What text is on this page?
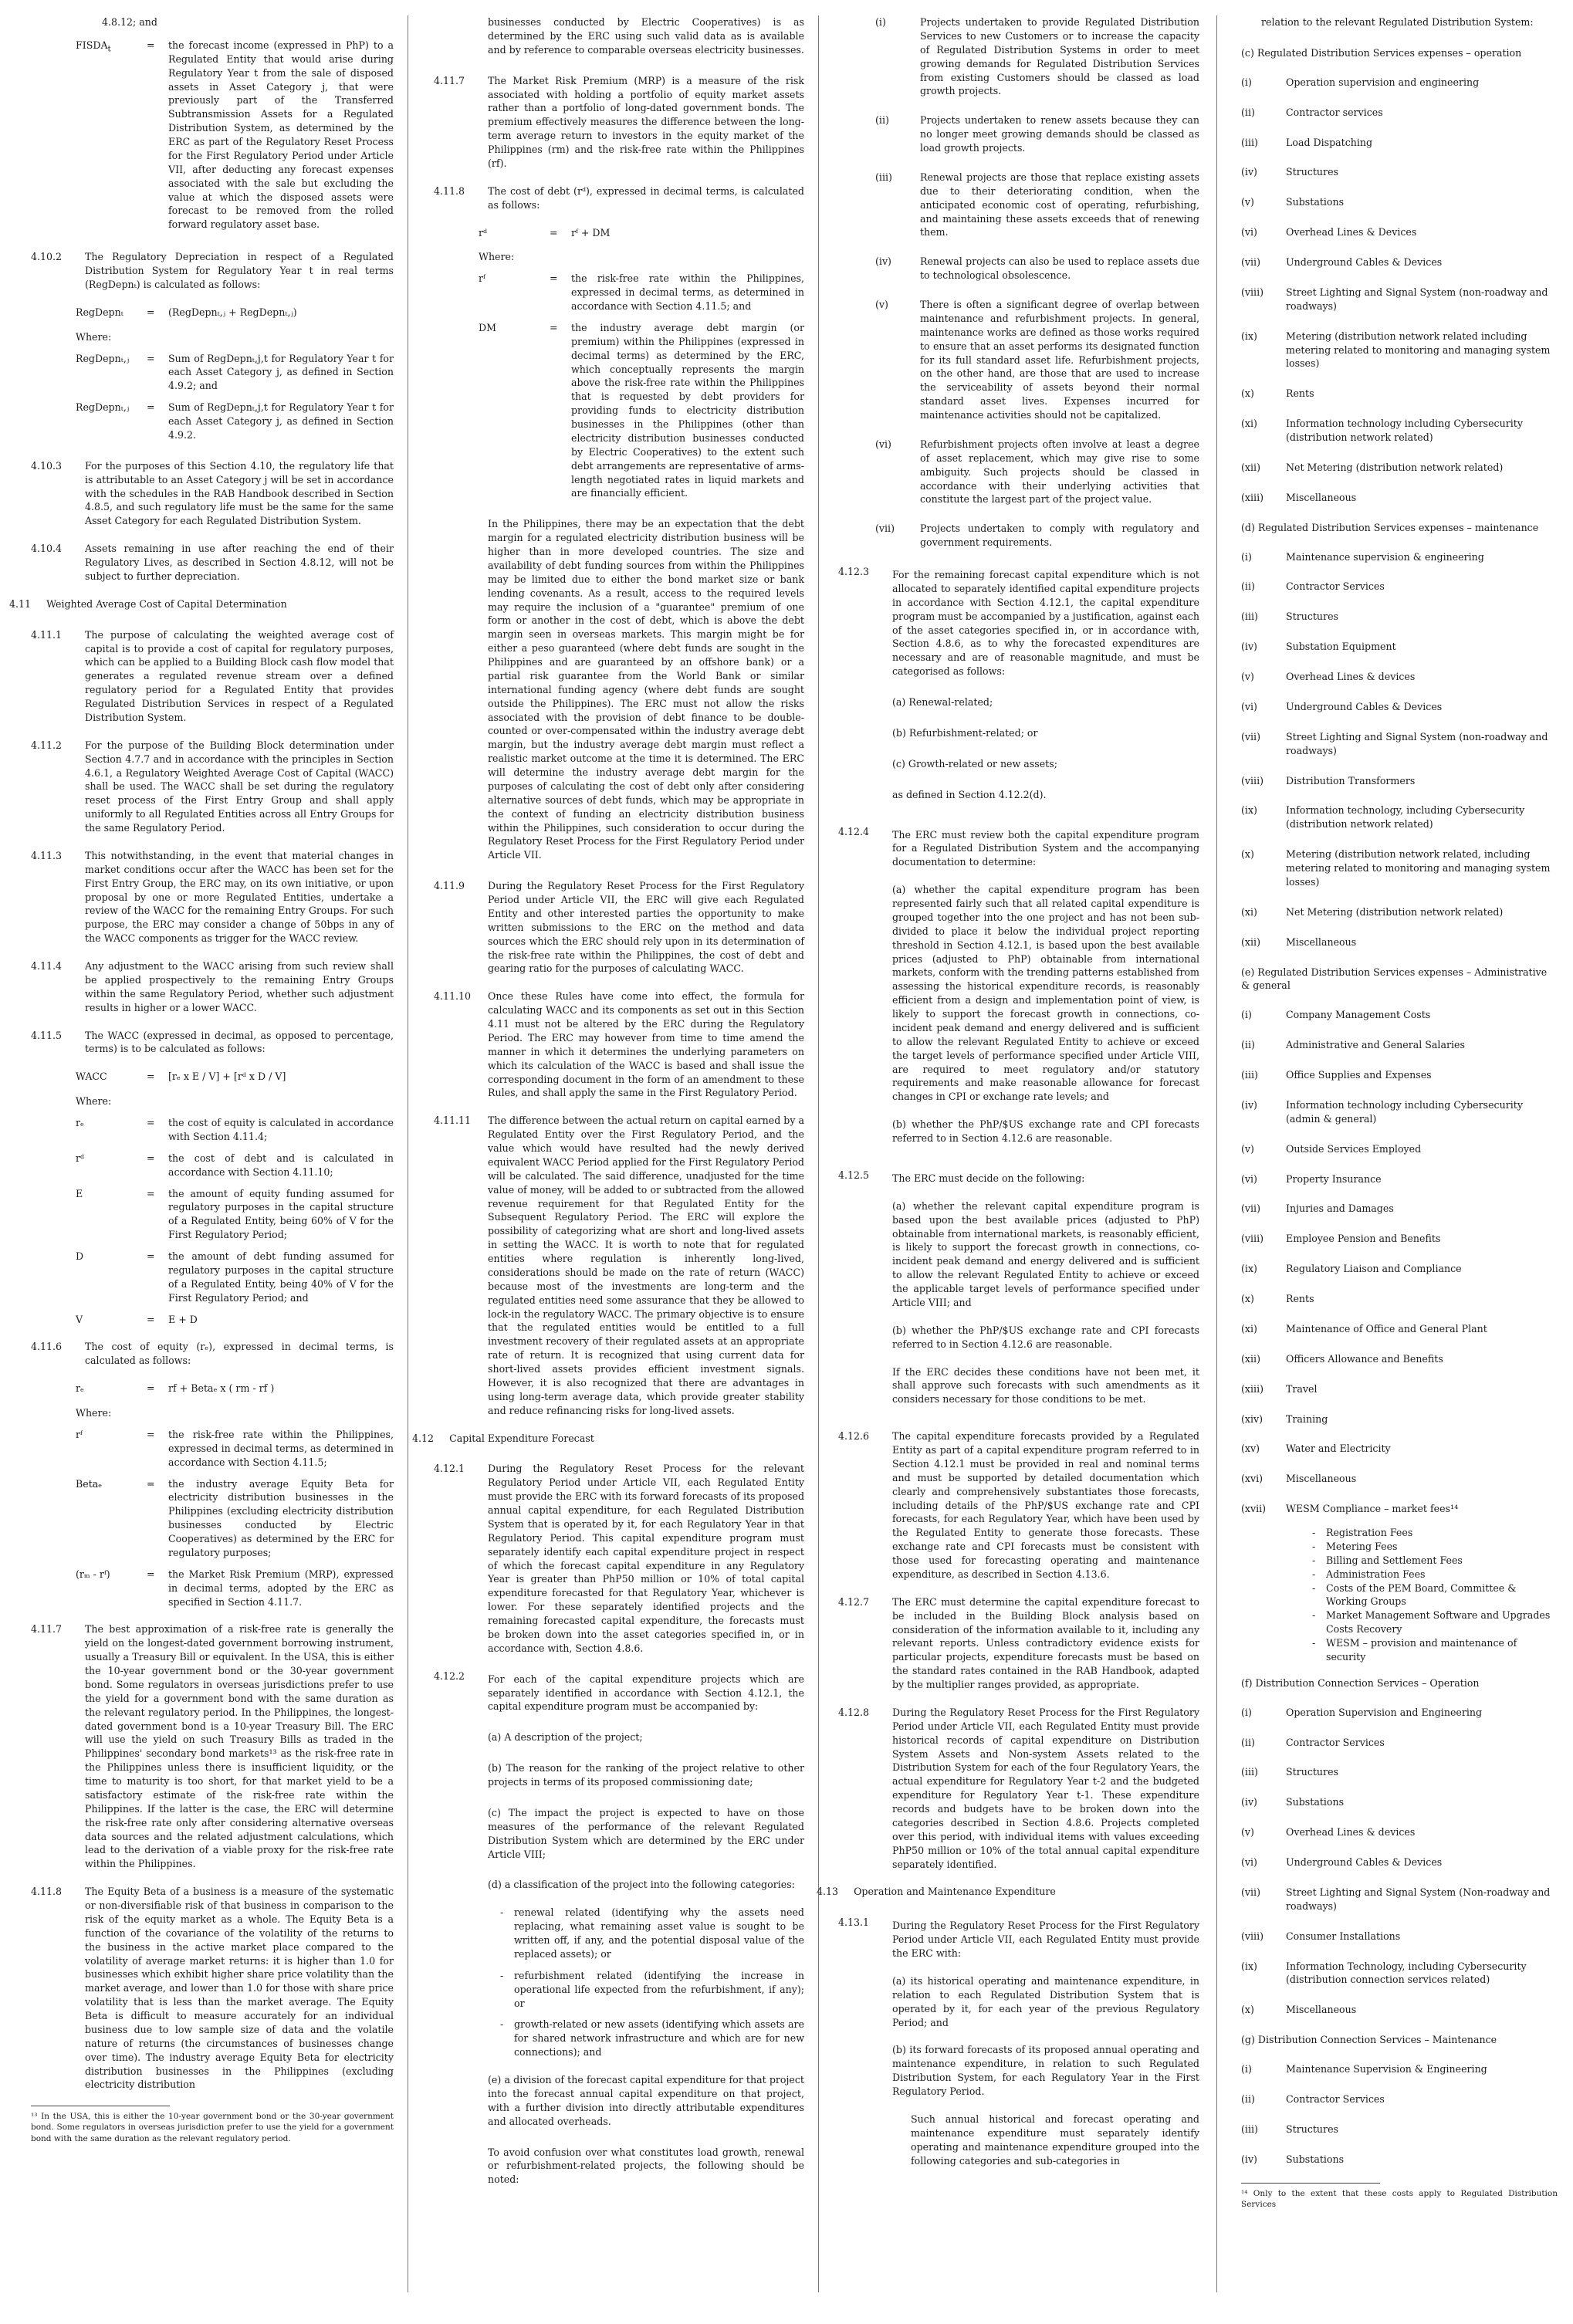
4.8.12; and
$FISDA_t$	=	the forecast income (expressed in PhP) to a Regulated Entity that would arise during Regulatory Year t from the sale of disposed assets in Asset Category j, that were previously part of the Transferred Subtransmission Assets for a Regulated Distribution System, as determined by the ERC as part of the Regulatory Reset Process for the First Regulatory Period under Article VII, after deducting any forecast expenses associated with the sale but excluding the value at which the disposed assets were forecast to be removed from the rolled forward regulatory asset base.
4.10.2	The Regulatory Depreciation in respect of a Regulated Distribution System for Regulatory Year t in real terms (RegDepnₜ) is calculated as follows:
RegDepnₜ	=	(RegDepnₜ,ⱼ + RegDepnₜ,ⱼ)
Where:
RegDepnₜ,ⱼ	=	Sum of RegDepnₜ,j,t for Regulatory Year t for each Asset Category j, as defined in Section 4.9.2; and
RegDepnₜ,ⱼ	=	Sum of RegDepnₜ,j,t for Regulatory Year t for each Asset Category j, as defined in Section 4.9.2.
4.10.3	For the purposes of this Section 4.10, the regulatory life that is attributable to an Asset Category j will be set in accordance with the schedules in the RAB Handbook described in Section 4.8.5, and such regulatory life must be the same for the same Asset Category for each Regulated Distribution System.
4.10.4	Assets remaining in use after reaching the end of their Regulatory Lives, as described in Section 4.8.12, will not be subject to further depreciation.
4.11 Weighted Average Cost of Capital Determination
4.11.1	The purpose of calculating the weighted average cost of capital is to provide a cost of capital for regulatory purposes, which can be applied to a Building Block cash flow model that generates a regulated revenue stream over a defined regulatory period for a Regulated Entity that provides Regulated Distribution Services in respect of a Regulated Distribution System.
4.11.2	For the purpose of the Building Block determination under Section 4.7.7 and in accordance with the principles in Section 4.6.1, a Regulatory Weighted Average Cost of Capital (WACC) shall be used. The WACC shall be set during the regulatory reset process of the First Entry Group and shall apply uniformly to all Regulated Entities across all Entry Groups for the same Regulatory Period.
4.11.3	This notwithstanding, in the event that material changes in market conditions occur after the WACC has been set for the First Entry Group, the ERC may, on its own initiative, or upon proposal by one or more Regulated Entities, undertake a review of the WACC for the remaining Entry Groups. For such purpose, the ERC may consider a change of 50bps in any of the WACC components as trigger for the WACC review.
4.11.4	Any adjustment to the WACC arising from such review shall be applied prospectively to the remaining Entry Groups within the same Regulatory Period, whether such adjustment results in higher or a lower WACC.
4.11.5	The WACC (expressed in decimal, as opposed to percentage, terms) is to be calculated as follows:
WACC	=	[rₑ x E / V] + [rᵈ x D / V]
Where:
rₑ	=	the cost of equity is calculated in accordance with Section 4.11.4;
rᵈ	=	the cost of debt and is calculated in accordance with Section 4.11.10;
E	=	the amount of equity funding assumed for regulatory purposes in the capital structure of a Regulated Entity, being 60% of V for the First Regulatory Period;
D	=	the amount of debt funding assumed for regulatory purposes in the capital structure of a Regulated Entity, being 40% of V for the First Regulatory Period; and
V	=	E + D
4.11.6	The cost of equity (rₑ), expressed in decimal terms, is calculated as follows:
rₑ	=	rf + Betaₑ x ( rm - rf )
Where:
rᶠ	=	the risk-free rate within the Philippines, expressed in decimal terms, as determined in accordance with Section 4.11.5;
Betaₑ	=	the industry average Equity Beta for electricity distribution businesses in the Philippines (excluding electricity distribution businesses conducted by Electric Cooperatives) as determined by the ERC for regulatory purposes;
(rₘ - rᶠ)	=	the Market Risk Premium (MRP), expressed in decimal terms, adopted by the ERC as specified in Section 4.11.7.
4.11.7	The best approximation of a risk-free rate is generally the yield on the longest-dated government borrowing instrument, usually a Treasury Bill or equivalent. In the USA, this is either the 10-year government bond or the 30-year government bond. Some regulators in overseas jurisdictions prefer to use the yield for a government bond with the same duration as the relevant regulatory period. In the Philippines, the longest-dated government bond is a 10-year Treasury Bill. The ERC will use the yield on such Treasury Bills as traded in the Philippines' secondary bond markets¹³ as the risk-free rate in the Philippines unless there is insufficient liquidity, or the time to maturity is too short, for that market yield to be a satisfactory estimate of the risk-free rate within the Philippines. If the latter is the case, the ERC will determine the risk-free rate only after considering alternative overseas data sources and the related adjustment calculations, which lead to the derivation of a viable proxy for the risk-free rate within the Philippines.
4.11.8	The Equity Beta of a business is a measure of the systematic or non-diversifiable risk of that business in comparison to the risk of the equity market as a whole. The Equity Beta is a function of the covariance of the volatility of the returns to the business in the active market place compared to the volatility of average market returns: it is higher than 1.0 for businesses which exhibit higher share price volatility than the market average, and lower than 1.0 for those with share price volatility that is less than the market average. The Equity Beta is difficult to measure accurately for an individual business due to low sample size of data and the volatile nature of returns (the circumstances of businesses change over time). The industry average Equity Beta for electricity distribution businesses in the Philippines (excluding electricity distribution
¹³ In the USA, this is either the 10-year government bond or the 30-year government bond. Some regulators in overseas jurisdiction prefer to use the yield for a government bond with the same duration as the relevant regulatory period.
businesses conducted by Electric Cooperatives) is as determined by the ERC using such valid data as is available and by reference to comparable overseas electricity businesses.
4.11.7	The Market Risk Premium (MRP) is a measure of the risk associated with holding a portfolio of equity market assets rather than a portfolio of long-dated government bonds. The premium effectively measures the difference between the long-term average return to investors in the equity market of the Philippines (rm) and the risk-free rate within the Philippines (rf).
4.11.8	The cost of debt (rᵈ), expressed in decimal terms, is calculated as follows:
rᵈ	=	rᶠ + DM
Where:
rᶠ	=	the risk-free rate within the Philippines, expressed in decimal terms, as determined in accordance with Section 4.11.5; and
DM	=	the industry average debt margin (or premium) within the Philippines (expressed in decimal terms) as determined by the ERC, which conceptually represents the margin above the risk-free rate within the Philippines that is requested by debt providers for providing funds to electricity distribution businesses in the Philippines (other than electricity distribution businesses conducted by Electric Cooperatives) to the extent such debt arrangements are representative of arms-length negotiated rates in liquid markets and are financially efficient.
In the Philippines, there may be an expectation that the debt margin for a regulated electricity distribution business will be higher than in more developed countries. The size and availability of debt funding sources from within the Philippines may be limited due to either the bond market size or bank lending covenants. As a result, access to the required levels may require the inclusion of a "guarantee" premium of one form or another in the cost of debt, which is above the debt margin seen in overseas markets. This margin might be for either a peso guaranteed (where debt funds are sought in the Philippines and are guaranteed by an offshore bank) or a partial risk guarantee from the World Bank or similar international funding agency (where debt funds are sought outside the Philippines). The ERC must not allow the risks associated with the provision of debt finance to be double-counted or over-compensated within the industry average debt margin, but the industry average debt margin must reflect a realistic market outcome at the time it is determined. The ERC will determine the industry average debt margin for the purposes of calculating the cost of debt only after considering alternative sources of debt funds, which may be appropriate in the context of funding an electricity distribution business within the Philippines, such consideration to occur during the Regulatory Reset Process for the First Regulatory Period under Article VII.
4.11.9	During the Regulatory Reset Process for the First Regulatory Period under Article VII, the ERC will give each Regulated Entity and other interested parties the opportunity to make written submissions to the ERC on the method and data sources which the ERC should rely upon in its determination of the risk-free rate within the Philippines, the cost of debt and gearing ratio for the purposes of calculating WACC.
4.11.10	Once these Rules have come into effect, the formula for calculating WACC and its components as set out in this Section 4.11 must not be altered by the ERC during the Regulatory Period. The ERC may however from time to time amend the manner in which it determines the underlying parameters on which its calculation of the WACC is based and shall issue the corresponding document in the form of an amendment to these Rules, and shall apply the same in the First Regulatory Period.
4.11.11	The difference between the actual return on capital earned by a Regulated Entity over the First Regulatory Period, and the value which would have resulted had the newly derived equivalent WACC Period applied for the First Regulatory Period will be calculated. The said difference, unadjusted for the time value of money, will be added to or subtracted from the allowed revenue requirement for that Regulated Entity for the Subsequent Regulatory Period. The ERC will explore the possibility of categorizing what are short and long-lived assets in setting the WACC. It is worth to note that for regulated entities where regulation is inherently long-lived, considerations should be made on the rate of return (WACC) because most of the investments are long-term and the regulated entities need some assurance that they be allowed to lock-in the regulatory WACC. The primary objective is to ensure that the regulated entities would be entitled to a full investment recovery of their regulated assets at an appropriate rate of return. It is recognized that using current data for short-lived assets provides efficient investment signals. However, it is also recognized that there are advantages in using long-term average data, which provide greater stability and reduce refinancing risks for long-lived assets.
4.12 Capital Expenditure Forecast
4.12.1	During the Regulatory Reset Process for the relevant Regulatory Period under Article VII, each Regulated Entity must provide the ERC with its forward forecasts of its proposed annual capital expenditure, for each Regulated Distribution System that is operated by it, for each Regulatory Year in that Regulatory Period. This capital expenditure program must separately identify each capital expenditure project in respect of which the forecast capital expenditure in any Regulatory Year is greater than PhP50 million or 10% of total capital expenditure forecasted for that Regulatory Year, whichever is lower. For these separately identified projects and the remaining forecasted capital expenditure, the forecasts must be broken down into the asset categories specified in, or in accordance with, Section 4.8.6.
4.12.2	For each of the capital expenditure projects which are separately identified in accordance with Section 4.12.1, the capital expenditure program must be accompanied by:
(a) A description of the project;
(b) The reason for the ranking of the project relative to other projects in terms of its proposed commissioning date;
(c) The impact the project is expected to have on those measures of the performance of the relevant Regulated Distribution System which are determined by the ERC under Article VIII;
(d) a classification of the project into the following categories:
-	renewal related (identifying why the assets need replacing, what remaining asset value is sought to be written off, if any, and the potential disposal value of the replaced assets); or
-	refurbishment related (identifying the increase in operational life expected from the refurbishment, if any); or
-	growth-related or new assets (identifying which assets are for shared network infrastructure and which are for new connections); and
(e) a division of the forecast capital expenditure for that project into the forecast annual capital expenditure on that project, with a further division into directly attributable expenditures and allocated overheads.
To avoid confusion over what constitutes load growth, renewal or refurbishment-related projects, the following should be noted:
(i)	Projects undertaken to provide Regulated Distribution Services to new Customers or to increase the capacity of Regulated Distribution Systems in order to meet growing demands for Regulated Distribution Services from existing Customers should be classed as load growth projects.
(ii)	Projects undertaken to renew assets because they can no longer meet growing demands should be classed as load growth projects.
(iii)	Renewal projects are those that replace existing assets due to their deteriorating condition, when the anticipated economic cost of operating, refurbishing, and maintaining these assets exceeds that of renewing them.
(iv)	Renewal projects can also be used to replace assets due to technological obsolescence.
(v)	There is often a significant degree of overlap between maintenance and refurbishment projects. In general, maintenance works are defined as those works required to ensure that an asset performs its designated function for its full standard asset life. Refurbishment projects, on the other hand, are those that are used to increase the serviceability of assets beyond their normal standard asset lives. Expenses incurred for maintenance activities should not be capitalized.
(vi)	Refurbishment projects often involve at least a degree of asset replacement, which may give rise to some ambiguity. Such projects should be classed in accordance with their underlying activities that constitute the largest part of the project value.
(vii)	Projects undertaken to comply with regulatory and government requirements.
4.12.3	For the remaining forecast capital expenditure which is not allocated to separately identified capital expenditure projects in accordance with Section 4.12.1, the capital expenditure program must be accompanied by a justification, against each of the asset categories specified in, or in accordance with, Section 4.8.6, as to why the forecasted expenditures are necessary and are of reasonable magnitude, and must be categorised as follows:
(a) Renewal-related;
(b) Refurbishment-related; or
(c) Growth-related or new assets;
as defined in Section 4.12.2(d).
4.12.4	The ERC must review both the capital expenditure program for a Regulated Distribution System and the accompanying documentation to determine:
(a) whether the capital expenditure program has been represented fairly such that all related capital expenditure is grouped together into the one project and has not been sub-divided to place it below the individual project reporting threshold in Section 4.12.1, is based upon the best available prices (adjusted to PhP) obtainable from international markets, conform with the trending patterns established from assessing the historical expenditure records, is reasonably efficient from a design and implementation point of view, is likely to support the forecast growth in connections, co-incident peak demand and energy delivered and is sufficient to allow the relevant Regulated Entity to achieve or exceed the target levels of performance specified under Article VIII, are required to meet regulatory and/or statutory requirements and make reasonable allowance for forecast changes in CPI or exchange rate levels; and
(b) whether the PhP/$US exchange rate and CPI forecasts referred to in Section 4.12.6 are reasonable.
4.12.5	The ERC must decide on the following:
(a) whether the relevant capital expenditure program is based upon the best available prices (adjusted to PhP) obtainable from international markets, is reasonably efficient, is likely to support the forecast growth in connections, co- incident peak demand and energy delivered and is sufficient to allow the relevant Regulated Entity to achieve or exceed the applicable target levels of performance specified under Article VIII; and
(b) whether the PhP/$US exchange rate and CPI forecasts referred to in Section 4.12.6 are reasonable.
If the ERC decides these conditions have not been met, it shall approve such forecasts with such amendments as it considers necessary for those conditions to be met.
4.12.6	The capital expenditure forecasts provided by a Regulated Entity as part of a capital expenditure program referred to in Section 4.12.1 must be provided in real and nominal terms and must be supported by detailed documentation which clearly and comprehensively substantiates those forecasts, including details of the PhP/$US exchange rate and CPI forecasts, for each Regulatory Year, which have been used by the Regulated Entity to generate those forecasts. These exchange rate and CPI forecasts must be consistent with those used for forecasting operating and maintenance expenditure, as described in Section 4.13.6.
4.12.7	The ERC must determine the capital expenditure forecast to be included in the Building Block analysis based on consideration of the information available to it, including any relevant reports. Unless contradictory evidence exists for particular projects, expenditure forecasts must be based on the standard rates contained in the RAB Handbook, adapted by the multiplier ranges provided, as appropriate.
4.12.8	During the Regulatory Reset Process for the First Regulatory Period under Article VII, each Regulated Entity must provide historical records of capital expenditure on Distribution System Assets and Non-system Assets related to the Distribution System for each of the four Regulatory Years, the actual expenditure for Regulatory Year t-2 and the budgeted expenditure for Regulatory Year t-1. These expenditure records and budgets have to be broken down into the categories described in Section 4.8.6. Projects completed over this period, with individual items with values exceeding PhP50 million or 10% of the total annual capital expenditure separately identified.
4.13 Operation and Maintenance Expenditure
4.13.1	During the Regulatory Reset Process for the First Regulatory Period under Article VII, each Regulated Entity must provide the ERC with:
(a) its historical operating and maintenance expenditure, in relation to each Regulated Distribution System that is operated by it, for each year of the previous Regulatory Period; and
(b) its forward forecasts of its proposed annual operating and maintenance expenditure, in relation to such Regulated Distribution System, for each Regulatory Year in the First Regulatory Period.
Such annual historical and forecast operating and maintenance expenditure must separately identify operating and maintenance expenditure grouped into the following categories and sub-categories in
relation to the relevant Regulated Distribution System:
(c) Regulated Distribution Services expenses – operation
(i)	Operation supervision and engineering
(ii)	Contractor services
(iii)	Load Dispatching
(iv)	Structures
(v)	Substations
(vi)	Overhead Lines & Devices
(vii)	Underground Cables & Devices
(viii)	Street Lighting and Signal System (non-roadway and roadways)
(ix)	Metering (distribution network related including metering related to monitoring and managing system losses)
(x)	Rents
(xi)	Information technology including Cybersecurity (distribution network related)
(xii)	Net Metering (distribution network related)
(xiii)	Miscellaneous
(d) Regulated Distribution Services expenses – maintenance
(i)	Maintenance supervision & engineering
(ii)	Contractor Services
(iii)	Structures
(iv)	Substation Equipment
(v)	Overhead Lines & devices
(vi)	Underground Cables & Devices
(vii)	Street Lighting and Signal System (non-roadway and roadways)
(viii)	Distribution Transformers
(ix)	Information technology, including Cybersecurity (distribution network related)
(x)	Metering (distribution network related, including metering related to monitoring and managing system losses)
(xi)	Net Metering (distribution network related)
(xii)	Miscellaneous
(e) Regulated Distribution Services expenses – Administrative & general
(i)	Company Management Costs
(ii)	Administrative and General Salaries
(iii)	Office Supplies and Expenses
(iv)	Information technology including Cybersecurity (admin & general)
(v)	Outside Services Employed
(vi)	Property Insurance
(vii)	Injuries and Damages
(viii)	Employee Pension and Benefits
(ix)	Regulatory Liaison and Compliance
(x)	Rents
(xi)	Maintenance of Office and General Plant
(xii)	Officers Allowance and Benefits
(xiii)	Travel
(xiv)	Training
(xv)	Water and Electricity
(xvi)	Miscellaneous
(xvii)	WESM Compliance – market fees¹⁴
-	Registration Fees
-	Metering Fees
-	Billing and Settlement Fees
-	Administration Fees
-	Costs of the PEM Board, Committee & Working Groups
-	Market Management Software and Upgrades Costs Recovery
-	WESM – provision and maintenance of security
(f) Distribution Connection Services – Operation
(i)	Operation Supervision and Engineering
(ii)	Contractor Services
(iii)	Structures
(iv)	Substations
(v)	Overhead Lines & devices
(vi)	Underground Cables & Devices
(vii)	Street Lighting and Signal System (Non-roadway and roadways)
(viii)	Consumer Installations
(ix)	Information Technology, including Cybersecurity (distribution connection services related)
(x)	Miscellaneous
(g) Distribution Connection Services – Maintenance
(i)	Maintenance Supervision & Engineering
(ii)	Contractor Services
(iii)	Structures
(iv)	Substations
¹⁴ Only to the extent that these costs apply to Regulated Distribution Services
